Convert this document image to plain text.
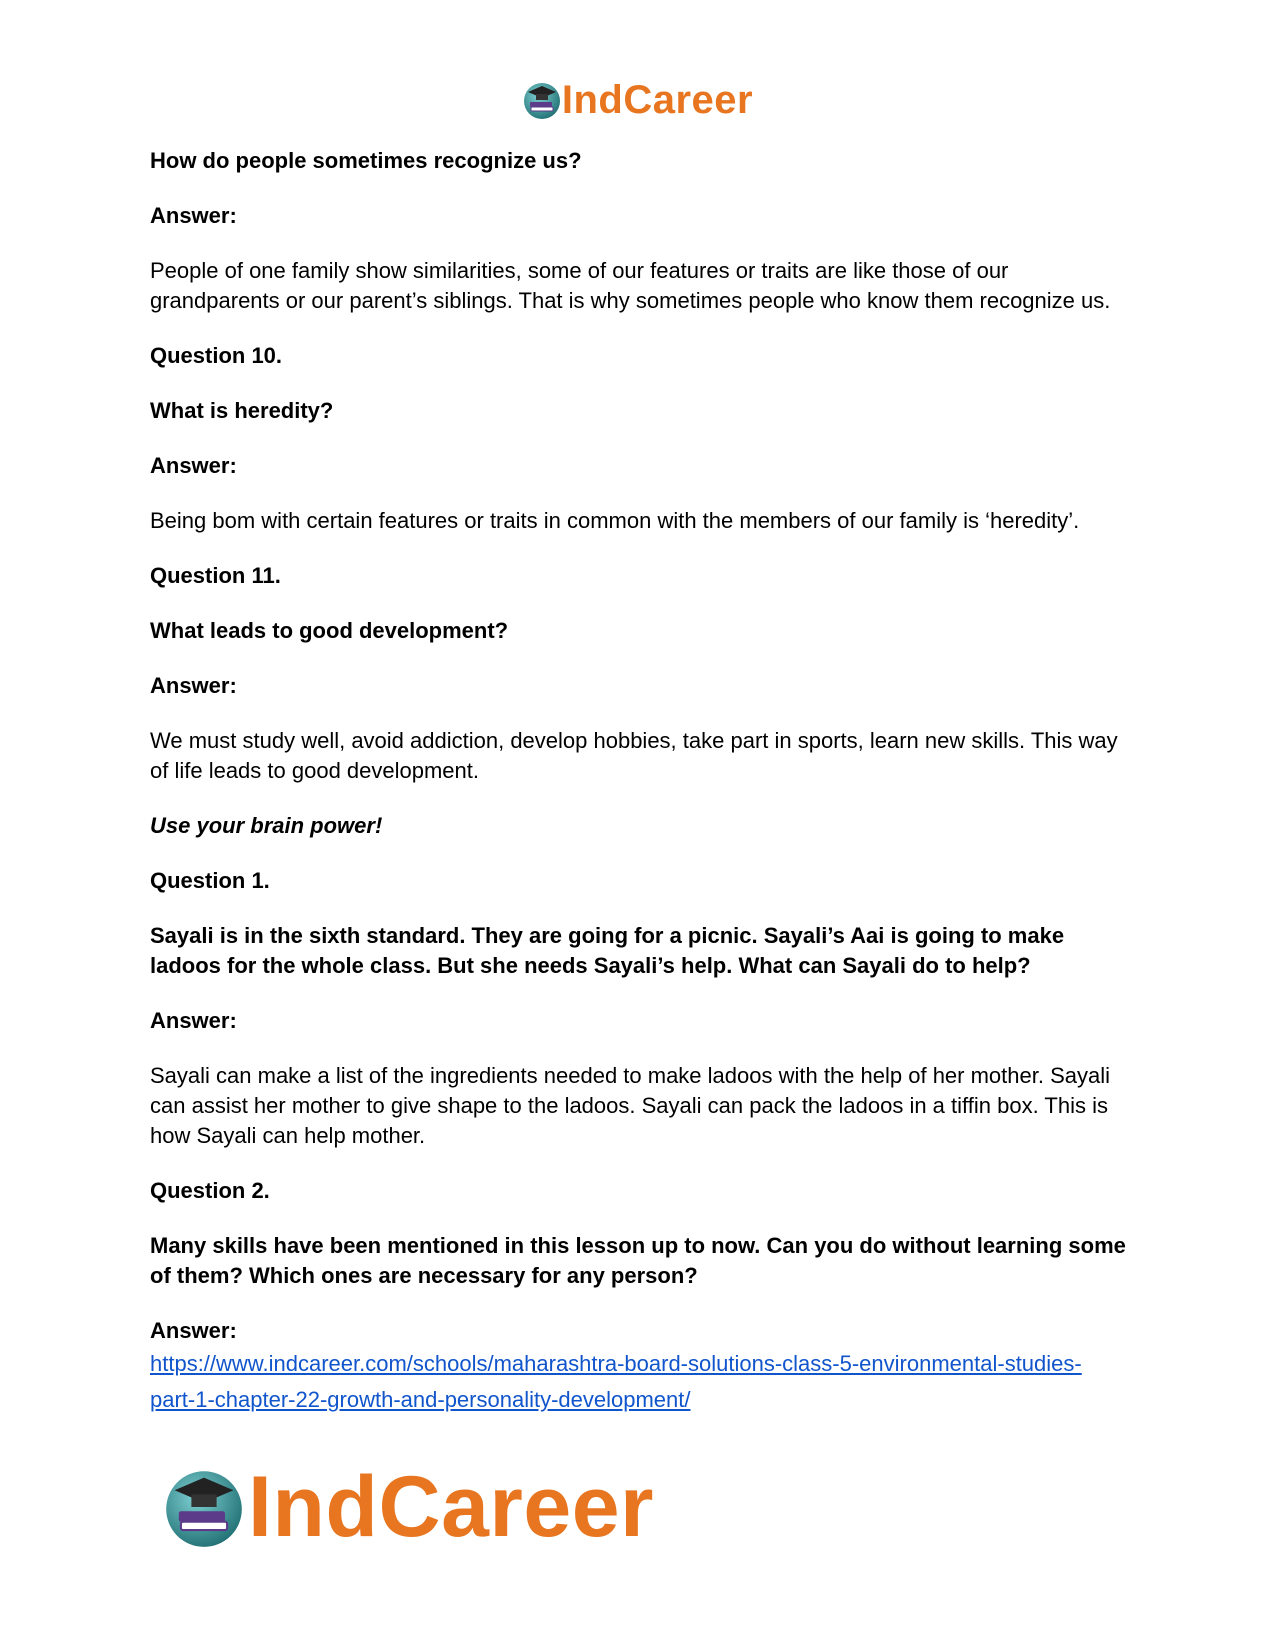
IndCareer

How do people sometimes recognize us?

Answer:

People of one family show similarities, some of our features or traits are like those of our grandparents or our parent’s siblings. That is why sometimes people who know them recognize us.

Question 10.

What is heredity?

Answer:

Being bom with certain features or traits in common with the members of our family is ‘heredity’.

Question 11.

What leads to good development?

Answer:

We must study well, avoid addiction, develop hobbies, take part in sports, learn new skills. This way of life leads to good development.

Use your brain power!

Question 1.

Sayali is in the sixth standard. They are going for a picnic. Sayali’s Aai is going to make ladoos for the whole class. But she needs Sayali’s help. What can Sayali do to help?

Answer:

Sayali can make a list of the ingredients needed to make ladoos with the help of her mother. Sayali can assist her mother to give shape to the ladoos. Sayali can pack the ladoos in a tiffin box. This is how Sayali can help mother.

Question 2.

Many skills have been mentioned in this lesson up to now. Can you do without learning some of them? Which ones are necessary for any person?

Answer:

https://www.indcareer.com/schools/maharashtra-board-solutions-class-5-environmental-studies-
part-1-chapter-22-growth-and-personality-development/
IndCareer
